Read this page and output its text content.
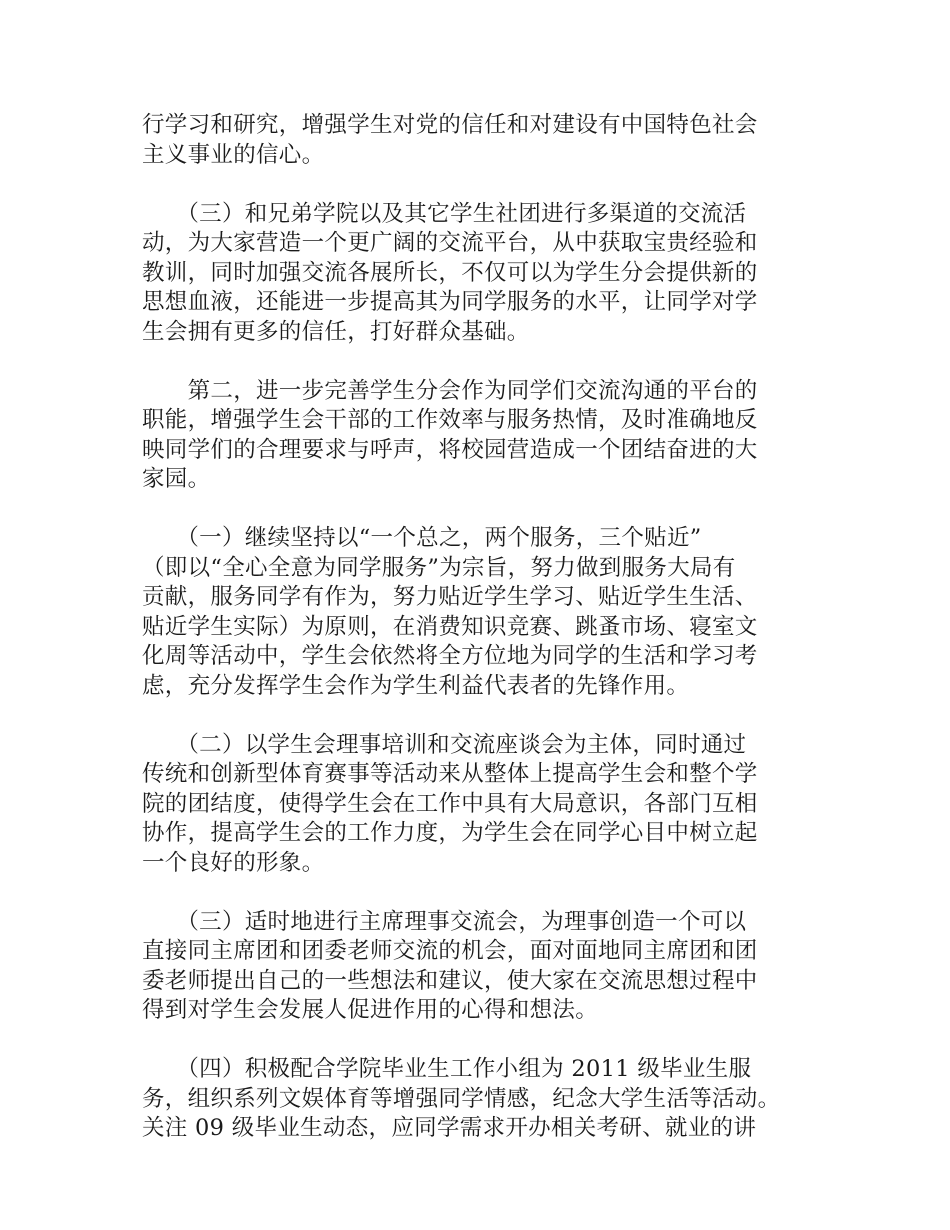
行学习和研究，增强学生对党的信任和对建设有中国特色社会
主义事业的信心。
　　（三）和兄弟学院以及其它学生社团进行多渠道的交流活
动，为大家营造一个更广阔的交流平台，从中获取宝贵经验和
教训，同时加强交流各展所长，不仅可以为学生分会提供新的
思想血液，还能进一步提高其为同学服务的水平，让同学对学
生会拥有更多的信任，打好群众基础。
　　第二，进一步完善学生分会作为同学们交流沟通的平台的
职能，增强学生会干部的工作效率与服务热情，及时准确地反
映同学们的合理要求与呼声，将校园营造成一个团结奋进的大
家园。
　　（一）继续坚持以“一个总之，两个服务，三个贴近”
（即以“全心全意为同学服务”为宗旨，努力做到服务大局有
贡献，服务同学有作为，努力贴近学生学习、贴近学生生活、
贴近学生实际）为原则，在消费知识竞赛、跳蚤市场、寝室文
化周等活动中，学生会依然将全方位地为同学的生活和学习考
虑，充分发挥学生会作为学生利益代表者的先锋作用。
　　（二）以学生会理事培训和交流座谈会为主体，同时通过
传统和创新型体育赛事等活动来从整体上提高学生会和整个学
院的团结度，使得学生会在工作中具有大局意识，各部门互相
协作，提高学生会的工作力度，为学生会在同学心目中树立起
一个良好的形象。
　　（三）适时地进行主席理事交流会，为理事创造一个可以
直接同主席团和团委老师交流的机会，面对面地同主席团和团
委老师提出自己的一些想法和建议，使大家在交流思想过程中
得到对学生会发展人促进作用的心得和想法。
　　（四）积极配合学院毕业生工作小组为 2011 级毕业生服
务，组织系列文娱体育等增强同学情感，纪念大学生活等活动。
关注 09 级毕业生动态，应同学需求开办相关考研、就业的讲
